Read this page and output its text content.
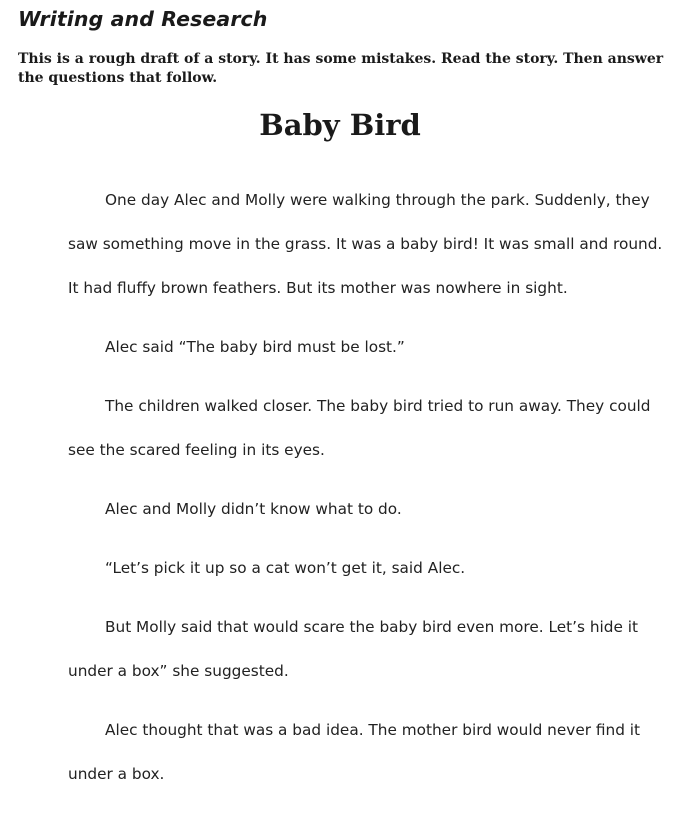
Writing and Research

This is a rough draft of a story. It has some mistakes. Read the story. Then answer the questions that follow.

Baby Bird

One day Alec and Molly were walking through the park. Suddenly, they
saw something move in the grass. It was a baby bird! It was small and round.
It had fluffy brown feathers. But its mother was nowhere in sight.

Alec said “The baby bird must be lost.”

The children walked closer. The baby bird tried to run away. They could
see the scared feeling in its eyes.

Alec and Molly didn’t know what to do.

“Let’s pick it up so a cat won’t get it, said Alec.

But Molly said that would scare the baby bird even more. Let’s hide it
under a box” she suggested.

Alec thought that was a bad idea. The mother bird would never find it
under a box.
